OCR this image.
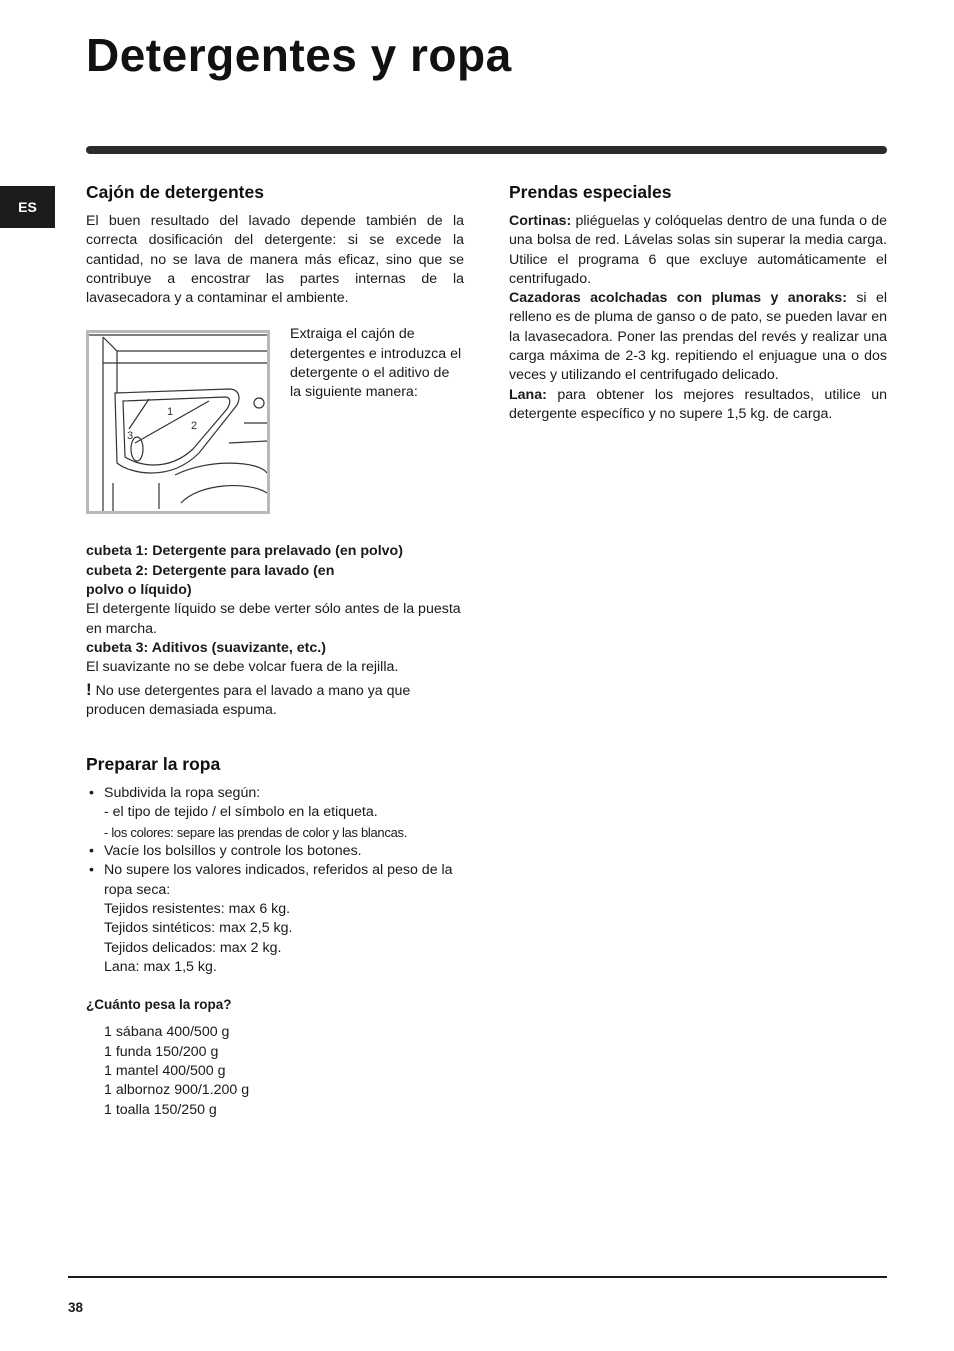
Detergentes y ropa
ES
Cajón de detergentes

El buen resultado del lavado depende también de la correcta dosificación del detergente: si se excede la cantidad, no se lava de manera más eficaz, sino que se contribuye a encostrar las partes internas de la lavasecadora y a contaminar el ambiente.

1
2
3

Extraiga el cajón de detergentes e introduzca el detergente o el aditivo de la siguiente manera:

cubeta 1: Detergente para prelavado (en polvo)

cubeta 2: Detergente para lavado (en polvo o líquido)

El detergente líquido se debe verter sólo antes de la puesta en marcha.

cubeta 3: Aditivos (suavizante, etc.)

El suavizante no se debe volcar fuera de la rejilla.

! No use detergentes para el lavado a mano ya que producen demasiada espuma.

Preparar la ropa
• Subdivida la ropa según:
- el tipo de tejido / el símbolo en la etiqueta.
- los colores: separe las prendas de color y las blancas.
• Vacíe los bolsillos y controle los botones.
• No supere los valores indicados, referidos al peso de la ropa seca:
Tejidos resistentes: max 6 kg.
Tejidos sintéticos: max 2,5 kg.
Tejidos delicados: max 2 kg.
Lana: max 1,5 kg.
¿Cuánto pesa la ropa?
1 sábana 400/500 g
1 funda 150/200 g
1 mantel 400/500 g
1 albornoz 900/1.200 g
1 toalla 150/250 g
Prendas especiales

Cortinas: pliéguelas y colóquelas dentro de una funda o de una bolsa de red. Lávelas solas sin superar la media carga. Utilice el programa 6 que excluye automáticamente el centrifugado.

Cazadoras acolchadas con plumas y anoraks: si el relleno es de pluma de ganso o de pato, se pueden lavar en la lavasecadora. Poner las prendas del revés y realizar una carga máxima de 2-3 kg. repitiendo el enjuague una o dos veces y utilizando el centrifugado delicado.

Lana: para obtener los mejores resultados, utilice un detergente específico y no supere 1,5 kg. de carga.

38
